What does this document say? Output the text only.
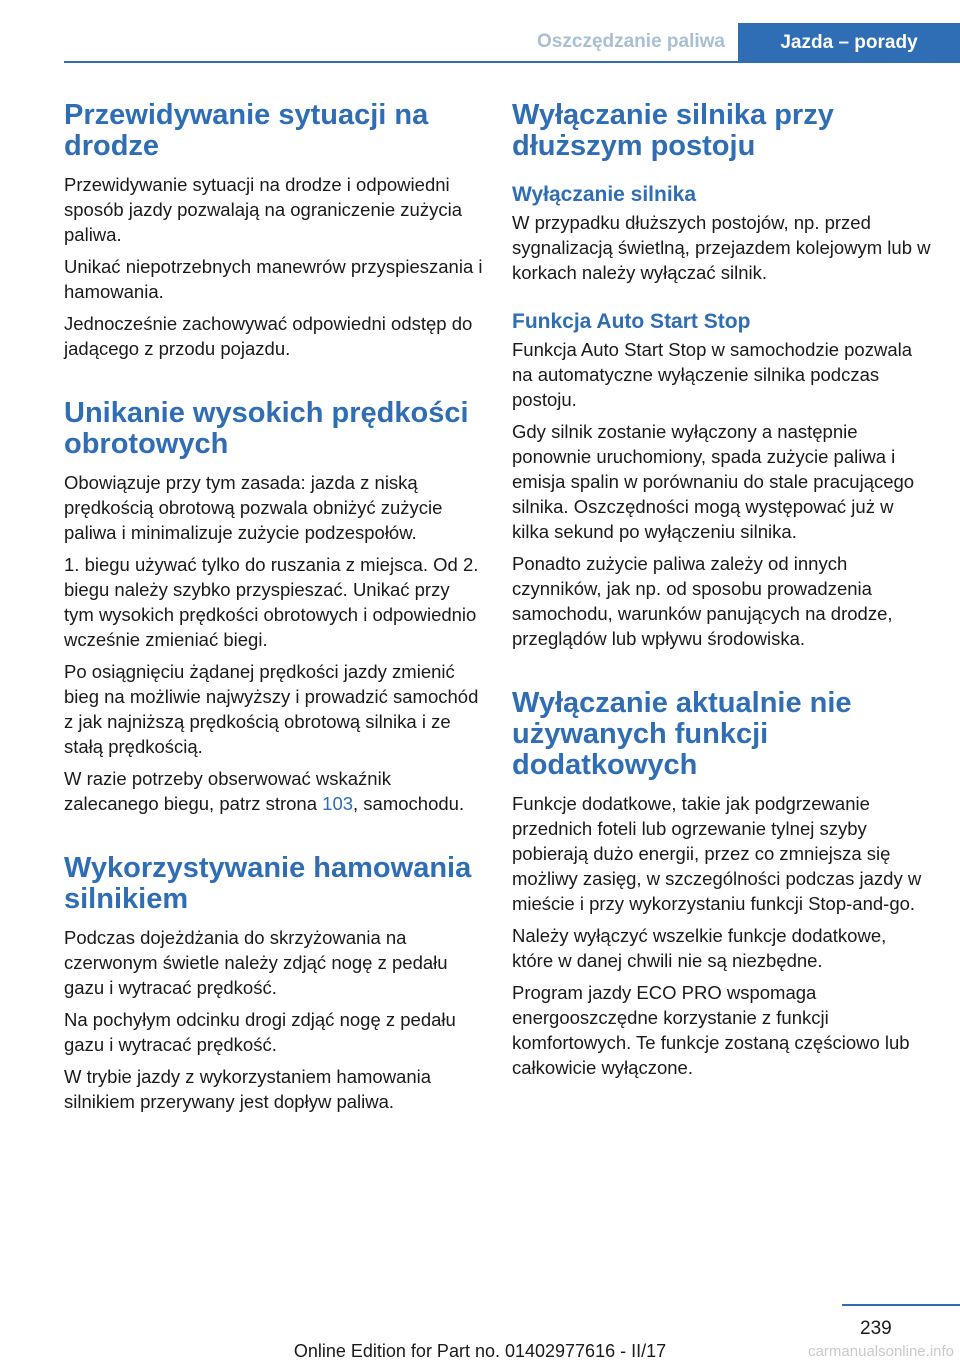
Oszczędzanie paliwa	Jazda – porady
Przewidywanie sytuacji na drodze

Przewidywanie sytuacji na drodze i odpowiedni sposób jazdy pozwalają na ograniczenie zużycia paliwa.

Unikać niepotrzebnych manewrów przyspieszania i hamowania.

Jednocześnie zachowywać odpowiedni odstęp do jadącego z przodu pojazdu.

Unikanie wysokich prędkości obrotowych

Obowiązuje przy tym zasada: jazda z niską prędkością obrotową pozwala obniżyć zużycie paliwa i minimalizuje zużycie podzespołów.

1. biegu używać tylko do ruszania z miejsca. Od 2. biegu należy szybko przyspieszać. Unikać przy tym wysokich prędkości obrotowych i odpowiednio wcześnie zmieniać biegi.

Po osiągnięciu żądanej prędkości jazdy zmienić bieg na możliwie najwyższy i prowadzić samochód z jak najniższą prędkością obrotową silnika i ze stałą prędkością.

W razie potrzeby obserwować wskaźnik zalecanego biegu, patrz strona 103, samochodu.

Wykorzystywanie hamowania silnikiem

Podczas dojeżdżania do skrzyżowania na czerwonym świetle należy zdjąć nogę z pedału gazu i wytracać prędkość.

Na pochyłym odcinku drogi zdjąć nogę z pedału gazu i wytracać prędkość.

W trybie jazdy z wykorzystaniem hamowania silnikiem przerywany jest dopływ paliwa.

Wyłączanie silnika przy dłuższym postoju
Wyłączanie silnika

W przypadku dłuższych postojów, np. przed sygnalizacją świetlną, przejazdem kolejowym lub w korkach należy wyłączać silnik.

Funkcja Auto Start Stop

Funkcja Auto Start Stop w samochodzie pozwala na automatyczne wyłączenie silnika podczas postoju.

Gdy silnik zostanie wyłączony a następnie ponownie uruchomiony, spada zużycie paliwa i emisja spalin w porównaniu do stale pracującego silnika. Oszczędności mogą występować już w kilka sekund po wyłączeniu silnika.

Ponadto zużycie paliwa zależy od innych czynników, jak np. od sposobu prowadzenia samochodu, warunków panujących na drodze, przeglądów lub wpływu środowiska.

Wyłączanie aktualnie nie używanych funkcji dodatkowych

Funkcje dodatkowe, takie jak podgrzewanie przednich foteli lub ogrzewanie tylnej szyby pobierają dużo energii, przez co zmniejsza się możliwy zasięg, w szczególności podczas jazdy w mieście i przy wykorzystaniu funkcji Stop-and-go.

Należy wyłączyć wszelkie funkcje dodatkowe, które w danej chwili nie są niezbędne.

Program jazdy ECO PRO wspomaga energooszczędne korzystanie z funkcji komfortowych. Te funkcje zostaną częściowo lub całkowicie wyłączone.

239
Online Edition for Part no. 01402977616 - II/17	carmanualsonline.info
